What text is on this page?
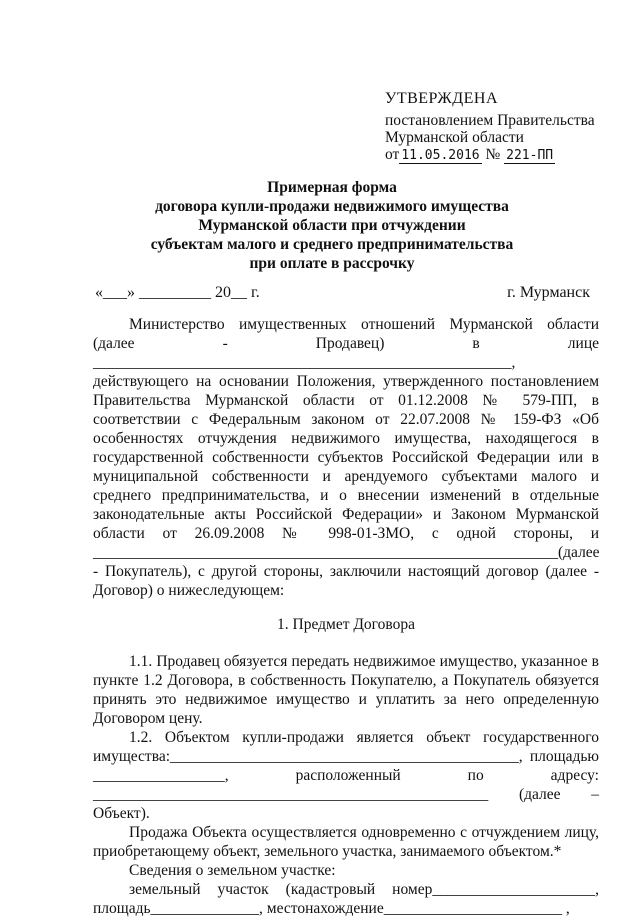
УТВЕРЖДЕНА
постановлением Правительства
Мурманской области
от 11.05.2016 № 221-ПП
Примерная форма
договора купли-продажи недвижимого имущества
Мурманской области при отчуждении
субъектам малого и среднего предпринимательства
при оплате в рассрочку
«___» _________ 20__ г.	г. Мурманск

Министерство имущественных отношений Мурманской области (далее - Продавец) в лице ______________________________________________________, действующего на основании Положения, утвержденного постановлением Правительства Мурманской области от 01.12.2008 № 579-ПП, в соответствии с Федеральным законом от 22.07.2008 № 159-ФЗ «Об особенностях отчуждения недвижимого имущества, находящегося в государственной собственности субъектов Российской Федерации или в муниципальной собственности и арендуемого субъектами малого и среднего предпринимательства, и о внесении изменений в отдельные законодательные акты Российской Федерации» и Законом Мурманской области от 26.09.2008 № 998-01-ЗМО, с одной стороны, и ____________________________________________________________(далее - Покупатель), с другой стороны, заключили настоящий договор (далее - Договор) о нижеследующем:

1. Предмет Договора

1.1. Продавец обязуется передать недвижимое имущество, указанное в пункте 1.2 Договора, в собственность Покупателю, а Покупатель обязуется принять это недвижимое имущество и уплатить за него определенную Договором цену.

1.2. Объектом купли-продажи является объект государственного имущества:_____________________________________________, площадью _________________, расположенный по адресу: ___________________________________________________ (далее – Объект).

Продажа Объекта осуществляется одновременно с отчуждением лицу, приобретающему объект, земельного участка, занимаемого объектом.*

Сведения о земельном участке:

земельный участок (кадастровый номер_____________________, площадь______________, местонахождение_______________________ ,
